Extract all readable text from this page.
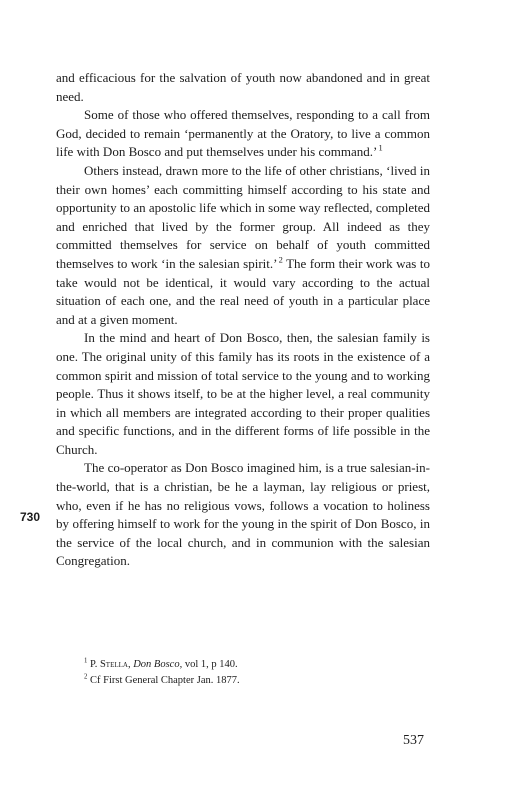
and efficacious for the salvation of youth now abandoned and in great need.

Some of those who offered themselves, responding to a call from God, decided to remain ‘permanently at the Oratory, to live a common life with Don Bosco and put themselves under his command.’ $^1$

Others instead, drawn more to the life of other christians, ‘lived in their own homes’ each committing himself according to his state and opportunity to an apostolic life which in some way reflected, completed and enriched that lived by the former group. All indeed as they committed themselves for service on behalf of youth committed themselves to work ‘in the salesian spirit.’ $^2$ The form their work was to take would not be identical, it would vary according to the actual situation of each one, and the real need of youth in a particular place and at a given moment.

In the mind and heart of Don Bosco, then, the salesian family is one. The original unity of this family has its roots in the existence of a common spirit and mission of total service to the young and to working people. Thus it shows itself, to be at the higher level, a real community in which all members are integrated according to their proper qualities and specific functions, and in the different forms of life possible in the Church.

The co-operator as Don Bosco imagined him, is a true salesian-in-the-world, that is a christian, be he a layman, lay religious or priest, who, even if he has no religious vows, follows a vocation to holiness by offering himself to work for the young in the spirit of Don Bosco, in the service of the local church, and in communion with the salesian Congregation.

730

$^1$ P. Stella, Don Bosco, vol 1, p 140.

$^2$ Cf First General Chapter Jan. 1877.

537
